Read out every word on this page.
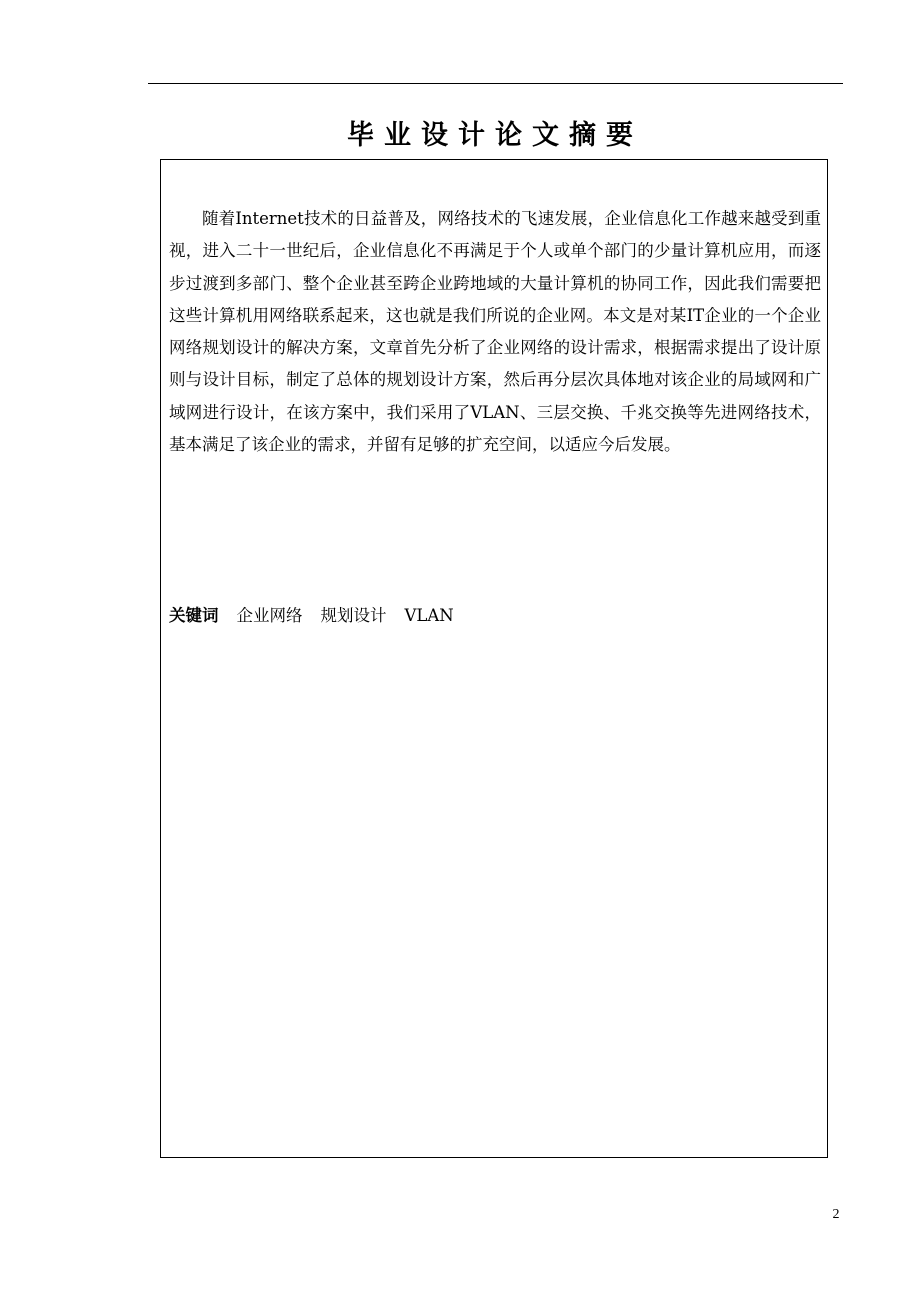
毕业设计论文摘要

随着Internet技术的日益普及，网络技术的飞速发展，企业信息化工作越来越受到重视，进入二十一世纪后，企业信息化不再满足于个人或单个部门的少量计算机应用，而逐步过渡到多部门、整个企业甚至跨企业跨地域的大量计算机的协同工作，因此我们需要把这些计算机用网络联系起来，这也就是我们所说的企业网。本文是对某IT企业的一个企业网络规划设计的解决方案，文章首先分析了企业网络的设计需求，根据需求提出了设计原则与设计目标，制定了总体的规划设计方案，然后再分层次具体地对该企业的局域网和广域网进行设计，在该方案中，我们采用了VLAN、三层交换、千兆交换等先进网络技术，基本满足了该企业的需求，并留有足够的扩充空间，以适应今后发展。

关键词 企业网络 规划设计 VLAN
2
